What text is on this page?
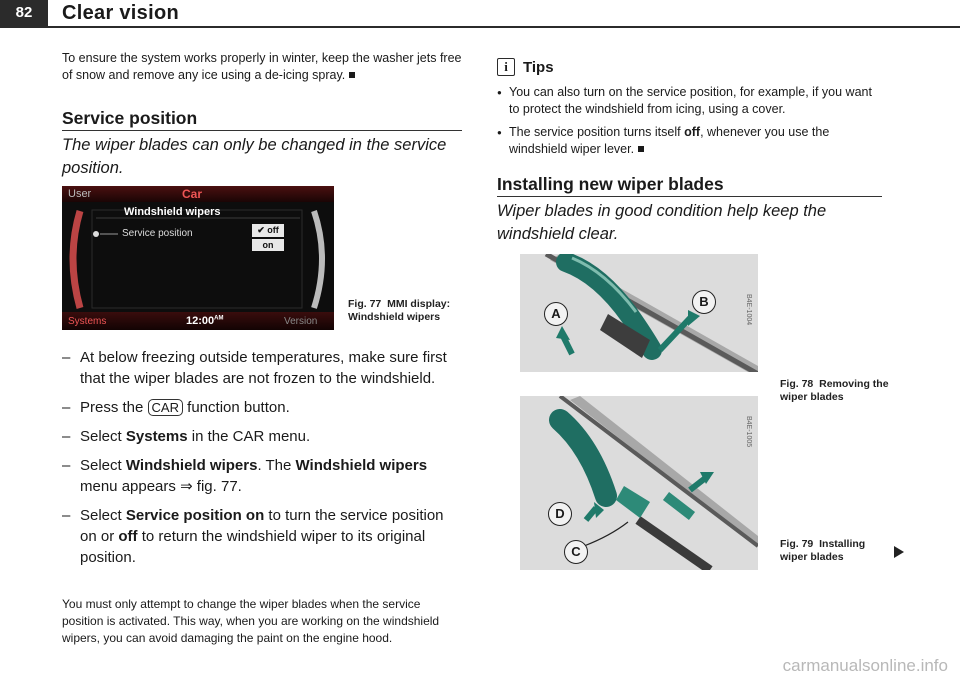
82	Clear vision
To ensure the system works properly in winter, keep the washer jets free of snow and remove any ice using a de-icing spray.
Service position
The wiper blades can only be changed in the service position.
User	Car
Windshield wipers
Service position	✔ off
on
Systems	$12:00^{AM}$	Version
Fig. 77 MMI display:
Windshield wipers
– At below freezing outside temperatures, make sure first that the wiper blades are not frozen to the windshield.
– Press the CAR function button.
– Select Systems in the CAR menu.
– Select Windshield wipers. The Windshield wipers menu appears ⇒ fig. 77.
– Select Service position on to turn the service position on or off to return the windshield wiper to its original position.
You must only attempt to change the wiper blades when the service position is activated. This way, when you are working on the windshield wipers, you can avoid damaging the paint on the engine hood.
i	Tips
● You can also turn on the service position, for example, if you want to protect the windshield from icing, using a cover.
● The service position turns itself off, whenever you use the windshield wiper lever.
Installing new wiper blades
Wiper blades in good condition help keep the windshield clear.
A
B	B4E-1004
Fig. 78 Removing the
wiper blades
D
C
B4E-1005
Fig. 79 Installing
wiper blades
carmanualsonline.info
